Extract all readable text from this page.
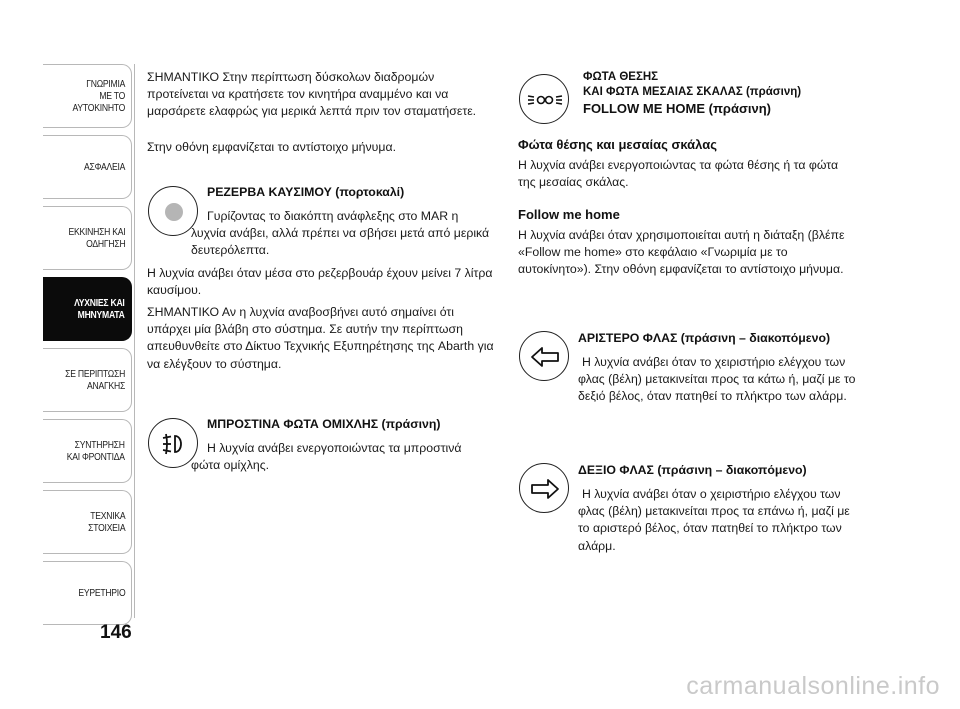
ΓΝΩΡΙΜΙΑ
ΜΕ ΤΟ
ΑΥΤΟΚΙΝΗΤΟ
ΑΣΦΑΛΕΙΑ
ΕΚΚΙΝΗΣΗ ΚΑΙ
ΟΔΗΓΗΣΗ
ΛΥΧΝΙΕΣ ΚΑΙ
ΜΗΝΥΜΑΤΑ
ΣΕ ΠΕΡΙΠΤΩΣΗ
ΑΝΑΓΚΗΣ
ΣΥΝΤΗΡΗΣΗ
ΚΑΙ ΦΡΟΝΤΙΔΑ
ΤΕΧΝΙΚΑ
ΣΤΟΙΧΕΙΑ
ΕΥΡΕΤΗΡΙΟ
146
ΣΗΜΑΝΤΙΚΟ Στην περίπτωση δύσκολων διαδρομών προτείνεται να κρατήσετε τον κινητήρα αναμμένο και να μαρσάρετε ελαφρώς για μερικά λεπτά πριν τον σταματήσετε.
Στην οθόνη εμφανίζεται το αντίστοιχο μήνυμα.
ΡΕΖΕΡΒΑ ΚΑΥΣΙΜΟΥ (πορτοκαλί)
Γυρίζοντας το διακόπτη ανάφλεξης στο MAR η λυχνία ανάβει, αλλά πρέπει να σβήσει μετά από μερικά δευτερόλεπτα.
Η λυχνία ανάβει όταν μέσα στο ρεζερβουάρ έχουν μείνει 7 λίτρα καυσίμου.
ΣΗΜΑΝΤΙΚΟ Αν η λυχνία αναβοσβήνει αυτό σημαίνει ότι υπάρχει μία βλάβη στο σύστημα. Σε αυτήν την περίπτωση απευθυνθείτε στο Δίκτυο Τεχνικής Εξυπηρέτησης της Abarth για να ελέγξουν το σύστημα.
ΜΠΡΟΣΤΙΝΑ ΦΩΤΑ ΟΜΙΧΛΗΣ (πράσινη)
Η λυχνία ανάβει ενεργοποιώντας τα μπροστινά φώτα ομίχλης.
ΦΩΤΑ ΘΕΣΗΣ
ΚΑΙ ΦΩΤΑ ΜΕΣΑΙΑΣ ΣΚΑΛΑΣ (πράσινη)
FOLLOW ME HOME (πράσινη)
Φώτα θέσης και μεσαίας σκάλας
Η λυχνία ανάβει ενεργοποιώντας τα φώτα θέσης ή τα φώτα της μεσαίας σκάλας.
Follow me home
Η λυχνία ανάβει όταν χρησιμοποιείται αυτή η διάταξη (βλέπε «Follow me home» στο κεφάλαιο «Γνωριμία με το αυτοκίνητο»). Στην οθόνη εμφανίζεται το αντίστοιχο μήνυμα.
ΑΡΙΣΤΕΡΟ ΦΛΑΣ (πράσινη – διακοπόμενο)
Η λυχνία ανάβει όταν το χειριστήριο ελέγχου των φλας (βέλη) μετακινείται προς τα κάτω ή, μαζί με το δεξιό βέλος, όταν πατηθεί το πλήκτρο των αλάρμ.
ΔΕΞΙΟ ΦΛΑΣ (πράσινη – διακοπόμενο)
Η λυχνία ανάβει όταν ο χειριστήριο ελέγχου των φλας (βέλη) μετακινείται προς τα επάνω ή, μαζί με το αριστερό βέλος, όταν πατηθεί το πλήκτρο των αλάρμ.
carmanualsonline.info
